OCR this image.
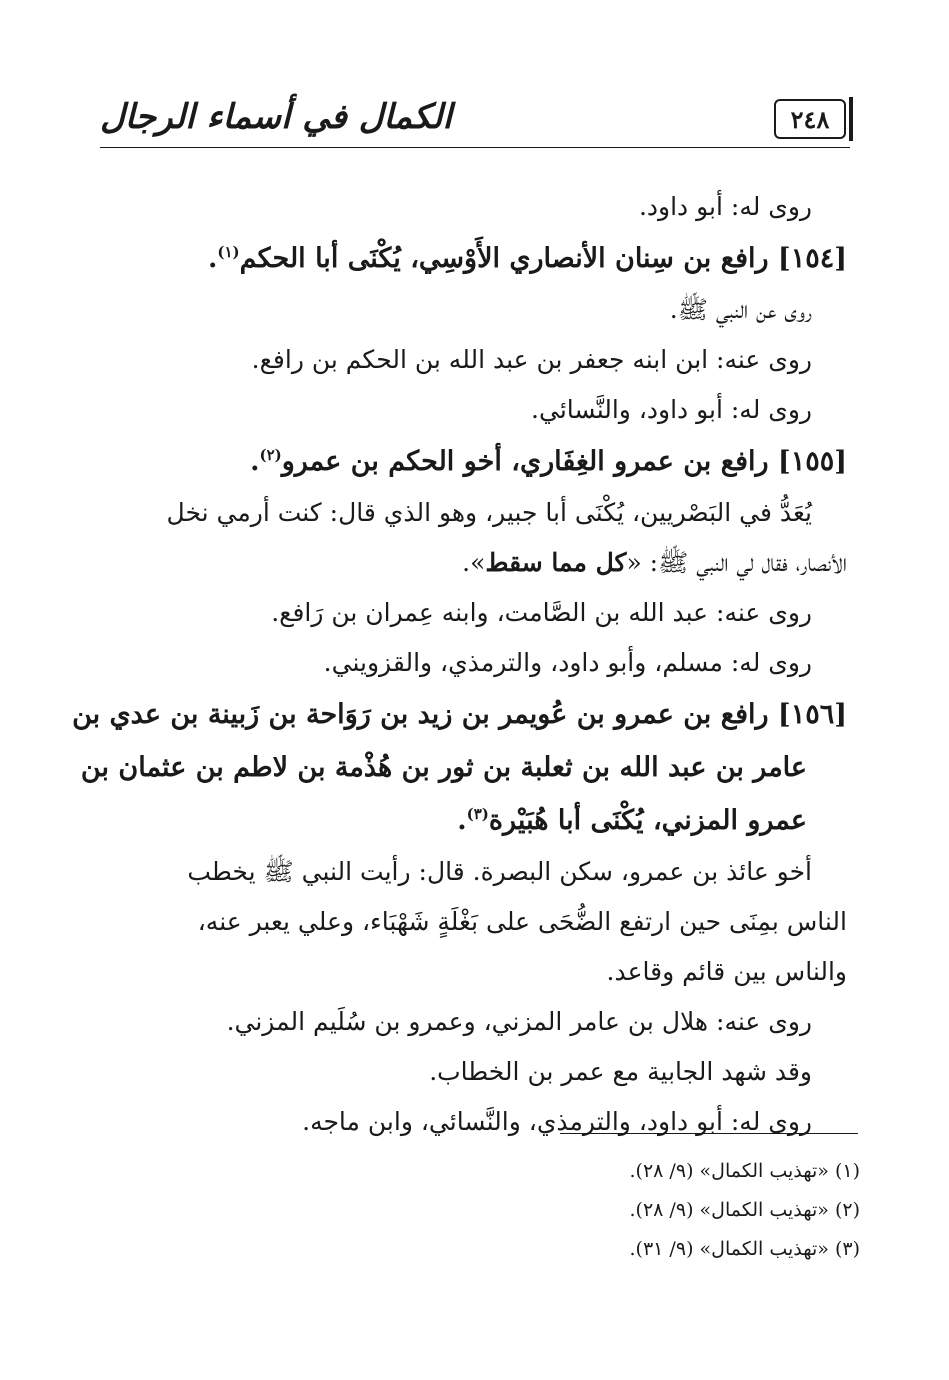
الكمال في أسماء الرجال	٢٤٨
روى له: أبو داود.
[١٥٤] رافع بن سِنان الأنصاري الأَوْسِي، يُكْنَى أبا الحكم$^{(١)}$.
روى عن النبي ﷺ.
روى عنه: ابن ابنه جعفر بن عبد الله بن الحكم بن رافع.
روى له: أبو داود، والنَّسائي.
[١٥٥] رافع بن عمرو الغِفَاري، أخو الحكم بن عمرو$^{(٢)}$.
يُعَدُّ في البَصْريين، يُكْنَى أبا جبير، وهو الذي قال: كنت أرمي نخل
الأنصار، فقال لي النبي ﷺ: «كل مما سقط».
روى عنه: عبد الله بن الصَّامت، وابنه عِمران بن رَافع.
روى له: مسلم، وأبو داود، والترمذي، والقزويني.
[١٥٦] رافع بن عمرو بن عُويمر بن زيد بن رَوَاحة بن زَبينة بن عدي بن
عامر بن عبد الله بن ثعلبة بن ثور بن هُذْمة بن لاطم بن عثمان بن
عمرو المزني، يُكْنَى أبا هُبَيْرة$^{(٣)}$.
أخو عائذ بن عمرو، سكن البصرة. قال: رأيت النبي ﷺ يخطب
الناس بمِنَى حين ارتفع الضُّحَى على بَغْلَةٍ شَهْبَاء، وعلي يعبر عنه،
والناس بين قائم وقاعد.
روى عنه: هلال بن عامر المزني، وعمرو بن سُلَيم المزني.
وقد شهد الجابية مع عمر بن الخطاب.
روى له: أبو داود، والترمذي، والنَّسائي، وابن ماجه.
(١) «تهذيب الكمال» (٩/ ٢٨).
(٢) «تهذيب الكمال» (٩/ ٢٨).
(٣) «تهذيب الكمال» (٩/ ٣١).
